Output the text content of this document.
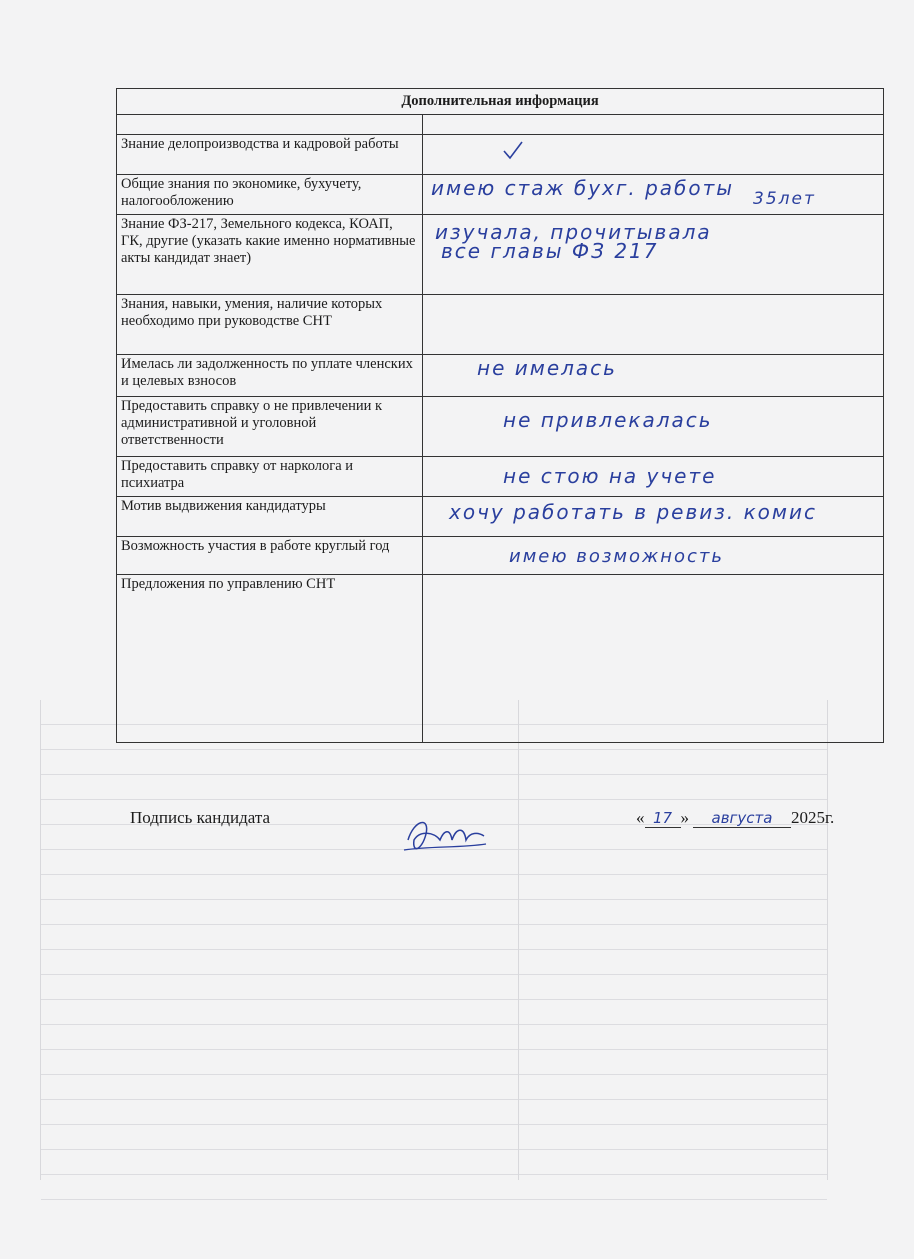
Дополнительная информация	

Знание делопроизводства и кадровой работы	
Общие знания по экономике, бухучету, налогообложению	имею стаж бухг. работы 35лет

Знание ФЗ-217, Земельного кодекса, КОАП, ГК, другие (указать какие именно нормативные акты кандидат знает)	изучала, прочитывала
все главы ФЗ 217

Знания, навыки, умения, наличие которых необходимо при руководстве СНТ	
Имелась ли задолженность по уплате членских и целевых взносов	не имелась

Предоставить справку о не привлечении к административной и уголовной ответственности	не привлекалась

Предоставить справку от нарколога и психиатра	не стою на учете

Мотив выдвижения кандидатуры	хочу работать в ревиз. комис

Возможность участия в работе круглый год	имею возможность

Предложения по управлению СНТ	
Подпись кандидата	« 17 » августа 2025г.
